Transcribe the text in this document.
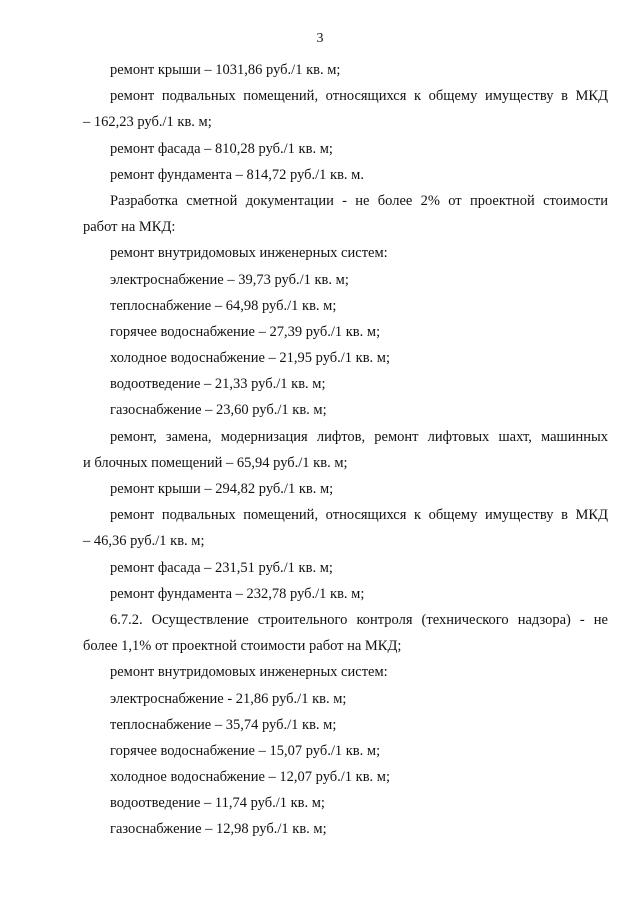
3
ремонт крыши – 1031,86 руб./1 кв. м;
ремонт подвальных помещений, относящихся к общему имуществу в МКД
– 162,23 руб./1 кв. м;
ремонт фасада – 810,28 руб./1 кв. м;
ремонт фундамента – 814,72 руб./1 кв. м.
Разработка сметной документации - не более 2% от проектной стоимости
работ на МКД:
ремонт внутридомовых инженерных систем:
электроснабжение – 39,73 руб./1 кв. м;
теплоснабжение – 64,98 руб./1 кв. м;
горячее водоснабжение – 27,39 руб./1 кв. м;
холодное водоснабжение – 21,95 руб./1 кв. м;
водоотведение – 21,33 руб./1 кв. м;
газоснабжение – 23,60 руб./1 кв. м;
ремонт, замена, модернизация лифтов, ремонт лифтовых шахт, машинных
и блочных помещений – 65,94 руб./1 кв. м;
ремонт крыши – 294,82 руб./1 кв. м;
ремонт подвальных помещений, относящихся к общему имуществу в МКД
– 46,36 руб./1 кв. м;
ремонт фасада – 231,51 руб./1 кв. м;
ремонт фундамента – 232,78 руб./1 кв. м;
6.7.2. Осуществление строительного контроля (технического надзора) - не
более 1,1% от проектной стоимости работ на МКД;
ремонт внутридомовых инженерных систем:
электроснабжение - 21,86 руб./1 кв. м;
теплоснабжение – 35,74 руб./1 кв. м;
горячее водоснабжение – 15,07 руб./1 кв. м;
холодное водоснабжение – 12,07 руб./1 кв. м;
водоотведение – 11,74 руб./1 кв. м;
газоснабжение – 12,98 руб./1 кв. м;
